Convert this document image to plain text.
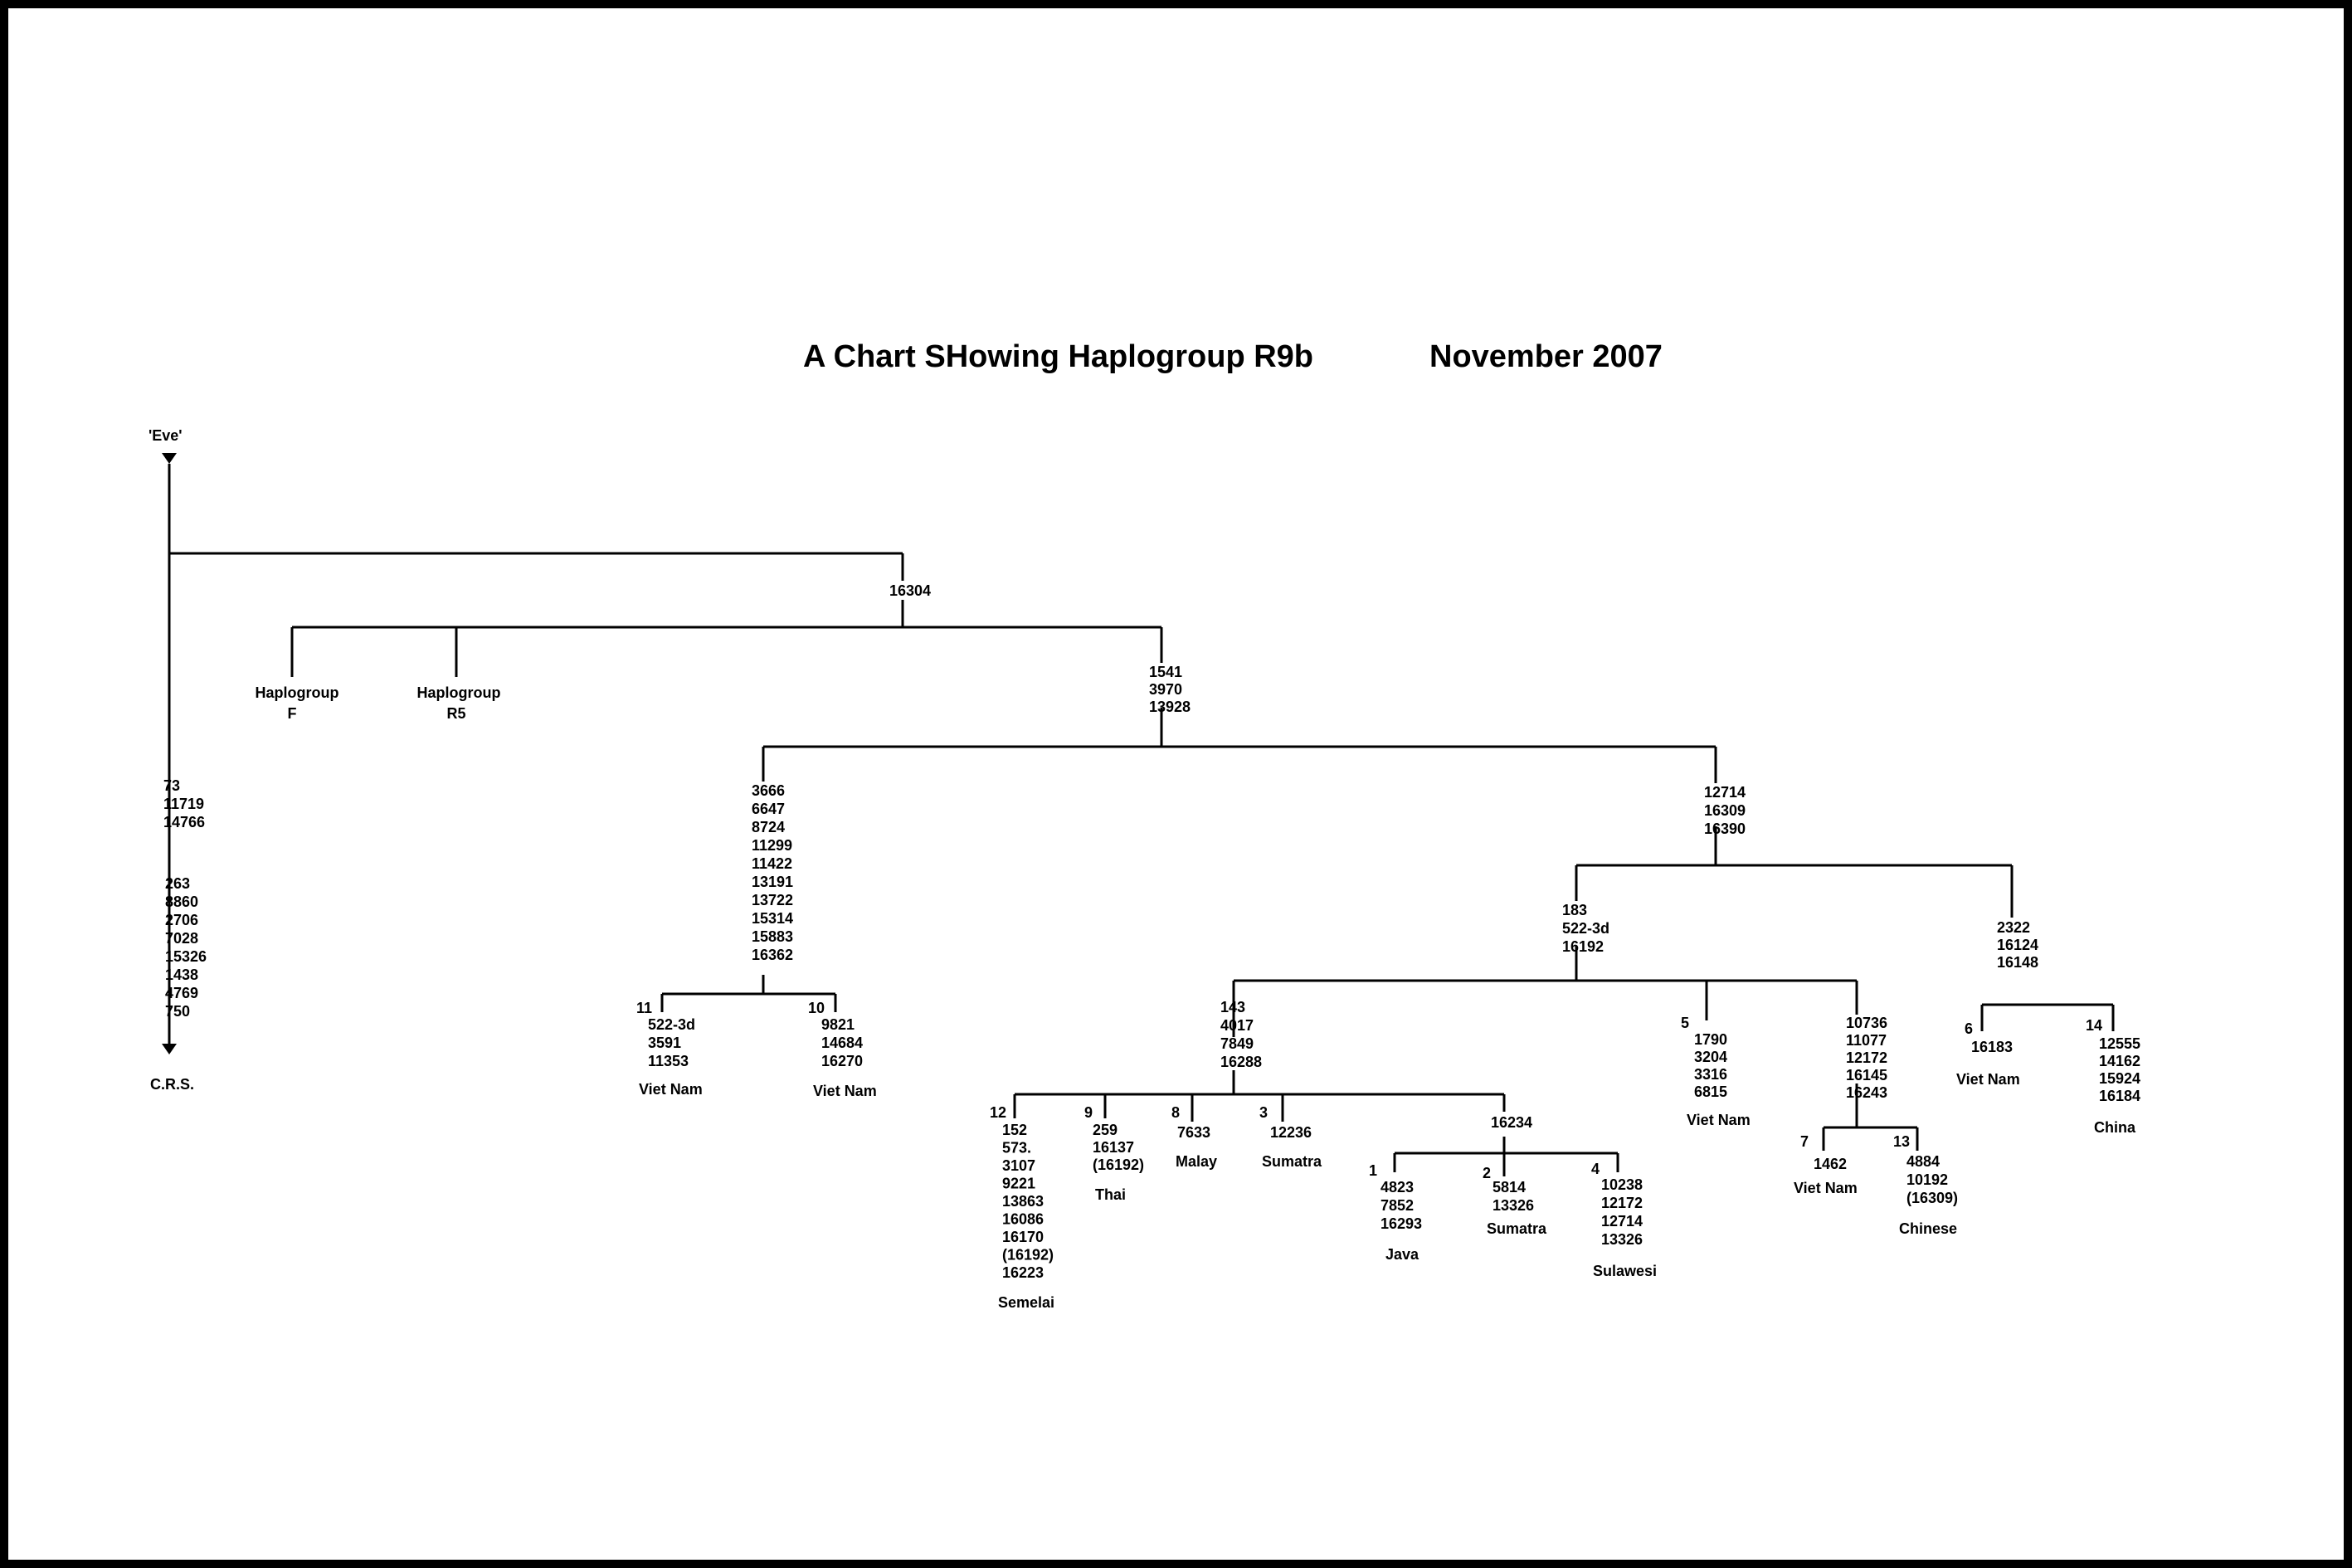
A Chart SHowing Haplogroup R9b	November 2007
'Eve'
C.R.S.
73
11719
14766
263
8860
2706
7028
15326
1438
4769
750
16304
Haplogroup
F
Haplogroup
R5
1541
3970
13928
3666
6647
8724
11299
11422
13191
13722
15314
15883
16362
12714
16309
16390
183
522-3d
16192
2322
16124
16148
143
4017
7849
16288
10736
11077
12172
16145
16243
16234
11
522-3d
3591
11353
Viet Nam
10
9821
14684
16270
Viet Nam
5
1790
3204
3316
6815
Viet Nam
6
16183
Viet Nam
14
12555
14162
15924
16184
China
12
152
573.
3107
9221
13863
16086
16170
(16192)
16223
Semelai
9
259
16137
(16192)
Thai
8
7633
Malay
3
12236
Sumatra
1
4823
7852
16293
Java
2
5814
13326
Sumatra
4
10238
12172
12714
13326
Sulawesi
7
1462
Viet Nam
13
4884
10192
(16309)
Chinese
